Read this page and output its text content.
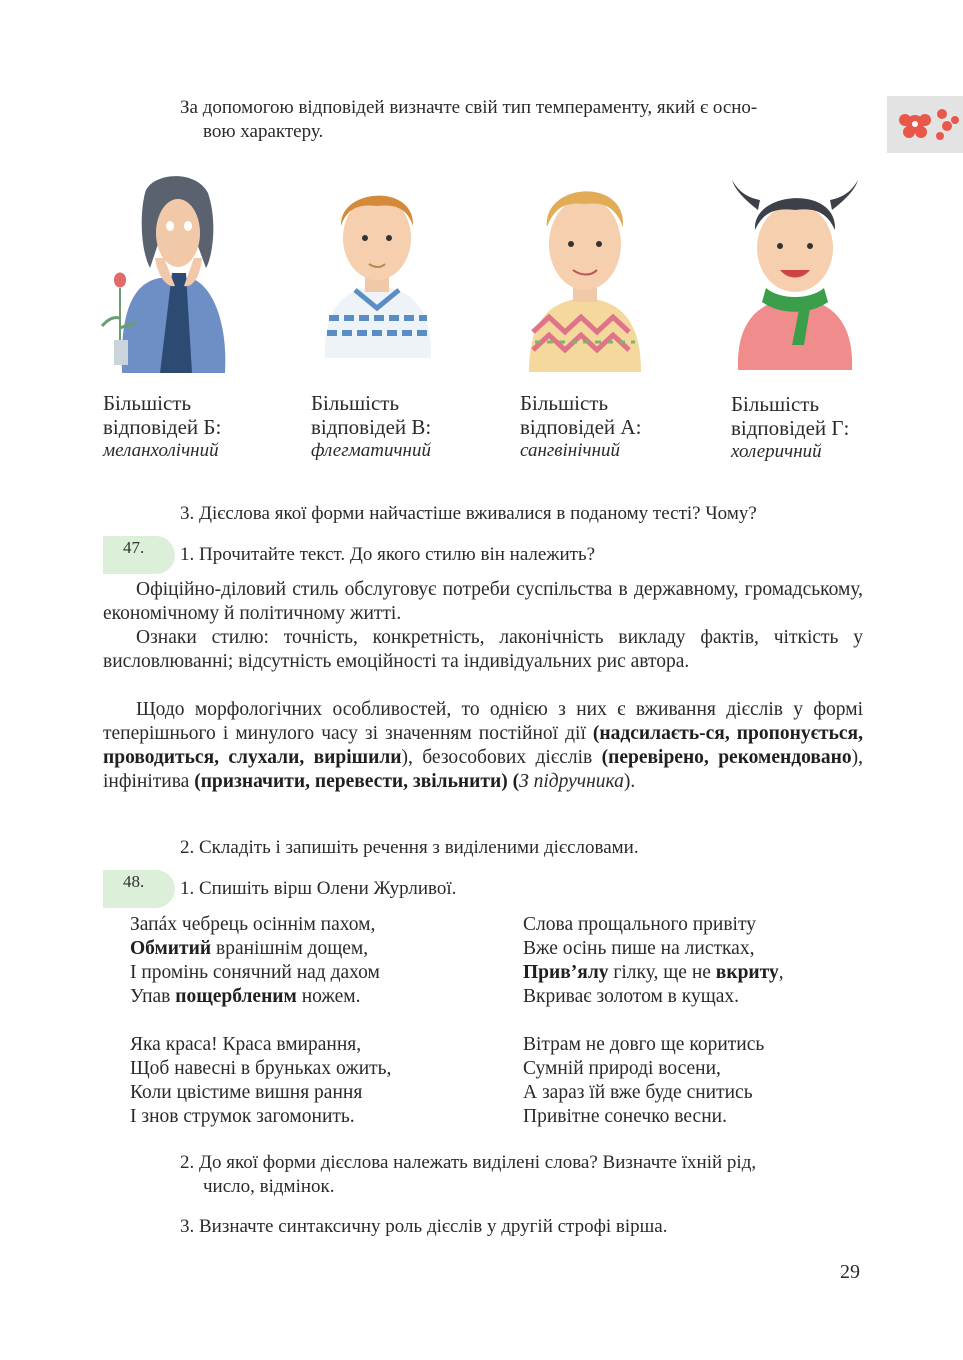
За допомогою відповідей визначте свій тип темпераменту, який є осно-
вою характеру.
Більшість
відповідей Б:
меланхолічний
Більшість
відповідей В:
флегматичний
Більшість
відповідей А:
сангвінічний
Більшість
відповідей Г:
холеричний
3. Дієслова якої форми найчастіше вживалися в поданому тесті? Чому?
47.	1. Прочитайте текст. До якого стилю він належить?
Офіційно-діловий стиль обслуговує потреби суспільства в державному, громадському, економічному й політичному житті.
Ознаки стилю: точність, конкретність, лаконічність викладу фактів, чіткість у висловлюванні; відсутність емоційності та індивідуальних рис автора.
Щодо морфологічних особливостей, то однією з них є вживання дієслів у формі теперішнього і минулого часу зі значенням постійної дії (надсилаєть-ся, пропонується, проводиться, слухали, вирішили), безособових дієслів (перевірено, рекомендовано), інфінітива (призначити, перевести, звільнити) (З підручника).
2. Складіть і запишіть речення з виділеними дієсловами.
48.	1. Спишіть вірш Олени Журливої.
Запáх чебрець осіннім пахом,
Обмитий вранішнім дощем,
І промінь сонячний над дахом
Упав пощербленим ножем.
Яка краса! Краса вмирання,
Щоб навесні в бруньках ожить,
Коли цвістиме вишня рання
І знов струмок загомонить.
Слова прощального привіту
Вже осінь пише на листках,
Прив’ялу гілку, ще не вкриту,
Вкриває золотом в кущах.
Вітрам не довго ще коритись
Сумній природі восени,
А зараз їй вже буде снитись
Привітне сонечко весни.
2. До якої форми дієслова належать виділені слова? Визначте їхній рід,
число, відмінок.
3. Визначте синтаксичну роль дієслів у другій строфі вірша.
29
